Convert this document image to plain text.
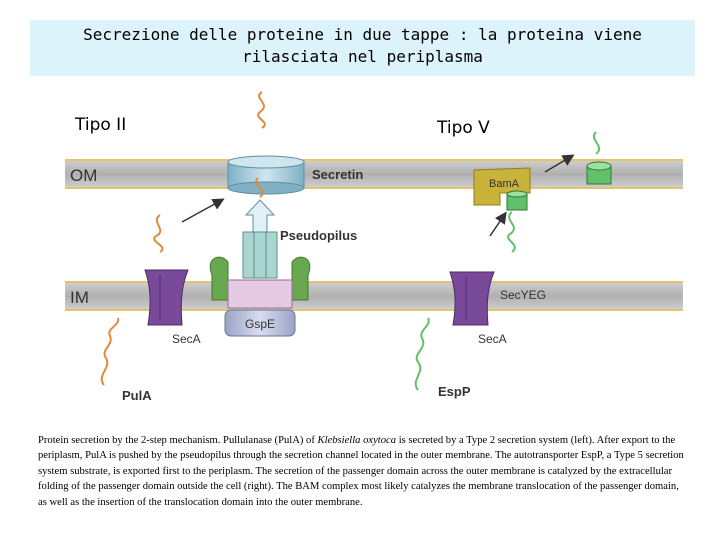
Secrezione delle proteine in due tappe : la proteina viene
rilasciata nel periplasma
Tipo II	Tipo V
OM
IM
Secretin
Pseudopilus
GspE
SecA	SecA
SecYEG
BamA
PulA	EspP

Protein secretion by the 2-step mechanism. Pullulanase (PulA) of Klebsiella oxytoca is secreted by a Type 2 secretion system (left). After export to the periplasm, PulA is pushed by the pseudopilus through the secretion channel located in the outer membrane. The autotransporter EspP, a Type 5 secretion system substrate, is exported first to the periplasm. The secretion of the passenger domain across the outer membrane is catalyzed by the extracellular folding of the passenger domain outside the cell (right). The BAM complex most likely catalyzes the membrane translocation of the passenger domain, as well as the insertion of the translocation domain into the outer membrane.
